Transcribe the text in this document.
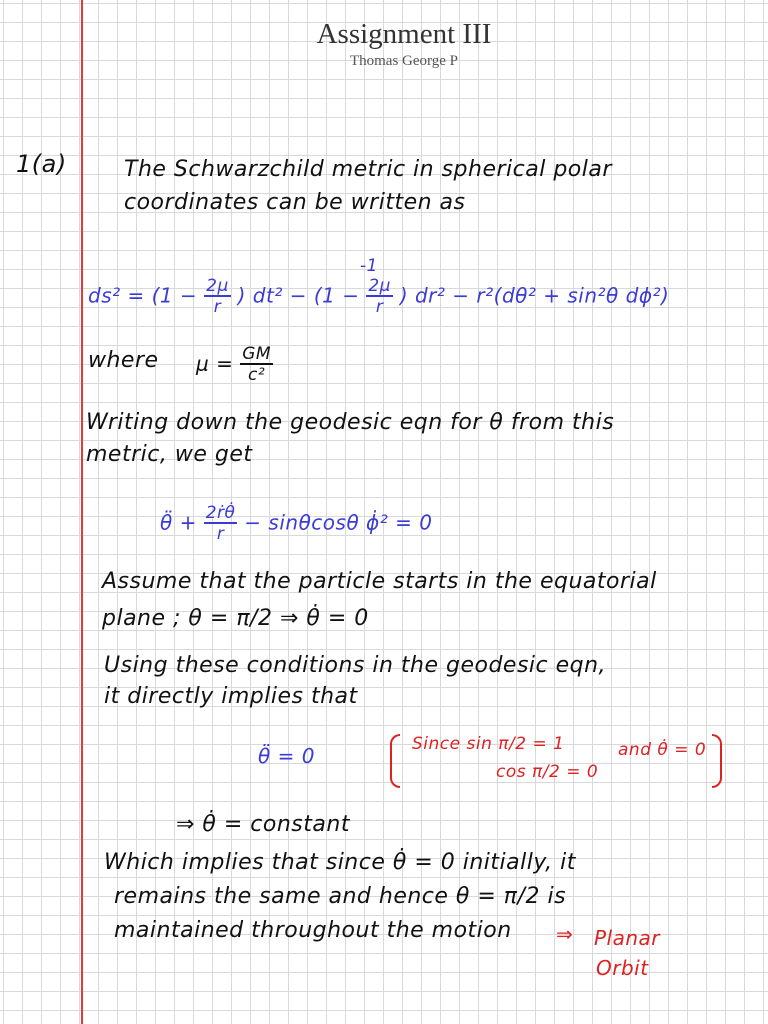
Assignment III
Thomas George P
1(a)	The Schwarzchild metric in spherical polar
coordinates can be written as
-1
$ds^2 = (1 - \frac{2\mu}{r}$ ) $dt^2 - (1 - \frac{2\mu}{r}$ ) dr² − r²(dθ² + sin²θ dϕ²)
where $\mu = \frac{GM}{\text{c²}}$
Writing down the geodesic eqn for θ from this
metric, we get
θ̈ + $\frac{\text{2ṙθ̇}}{r} - \sin\theta\cos\theta$ ϕ̇² = 0
Assume that the particle starts in the equatorial
plane ; θ = π/2 ⇒ θ̇ = 0
Using these conditions in the geodesic eqn,
it directly implies that
θ̈ = 0	Since sin π/2 = 1
cos π/2 = 0
and θ̇ = 0
⇒ θ̇ = constant
Which implies that since θ̇ = 0 initially, it
remains the same and hence θ = π/2 is
maintained throughout the motion ⇒ Planar
Orbit
